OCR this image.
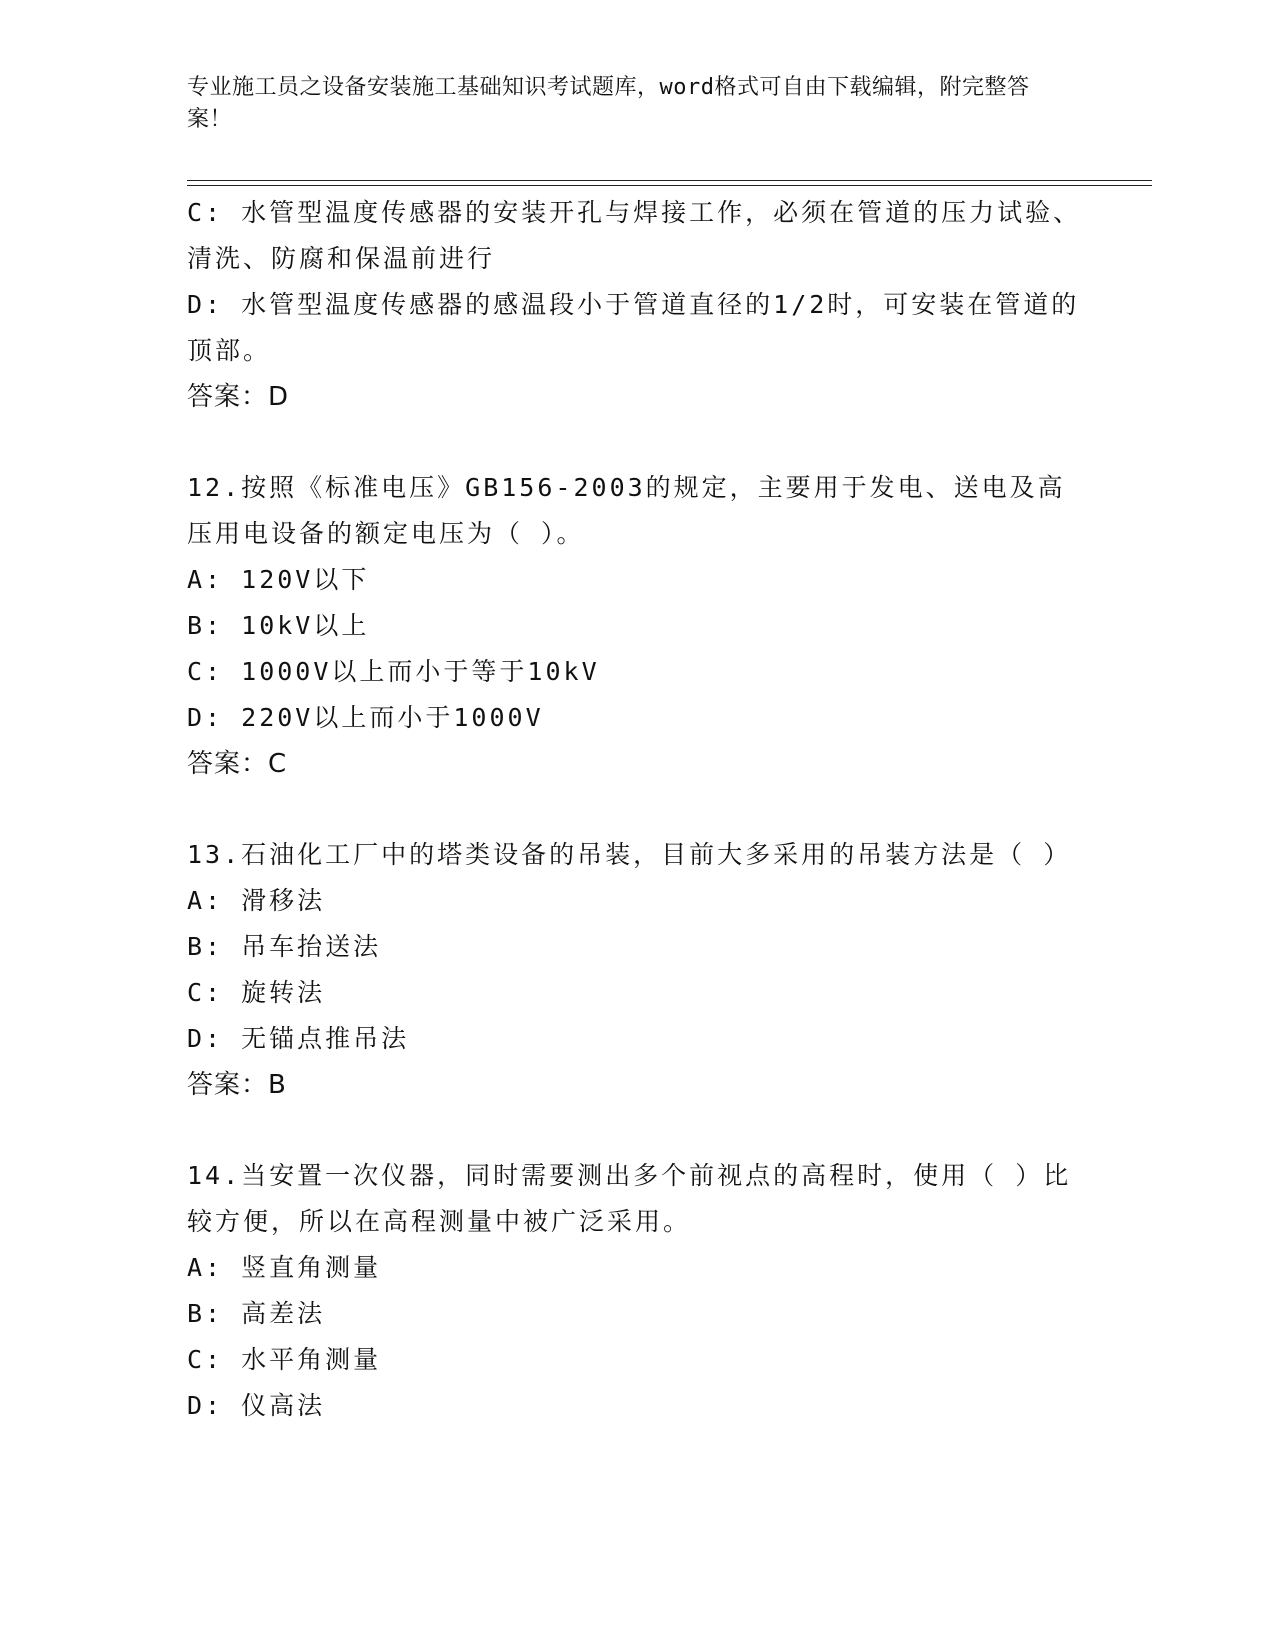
专业施工员之设备安装施工基础知识考试题库，word格式可自由下载编辑，附完整答案！

C: 水管型温度传感器的安装开孔与焊接工作，必须在管道的压力试验、清洗、防腐和保温前进行

D: 水管型温度传感器的感温段小于管道直径的1/2时，可安装在管道的顶部。

答案：D

12.按照《标准电压》GB156-2003的规定，主要用于发电、送电及高压用电设备的额定电压为（ ）。

A: 120V以下

B: 10kV以上

C: 1000V以上而小于等于10kV

D: 220V以上而小于1000V

答案：C

13.石油化工厂中的塔类设备的吊装，目前大多采用的吊装方法是（ ）

A: 滑移法

B: 吊车抬送法

C: 旋转法

D: 无锚点推吊法

答案：B

14.当安置一次仪器，同时需要测出多个前视点的高程时，使用（ ）比较方便，所以在高程测量中被广泛采用。

A: 竖直角测量

B: 高差法

C: 水平角测量

D: 仪高法
